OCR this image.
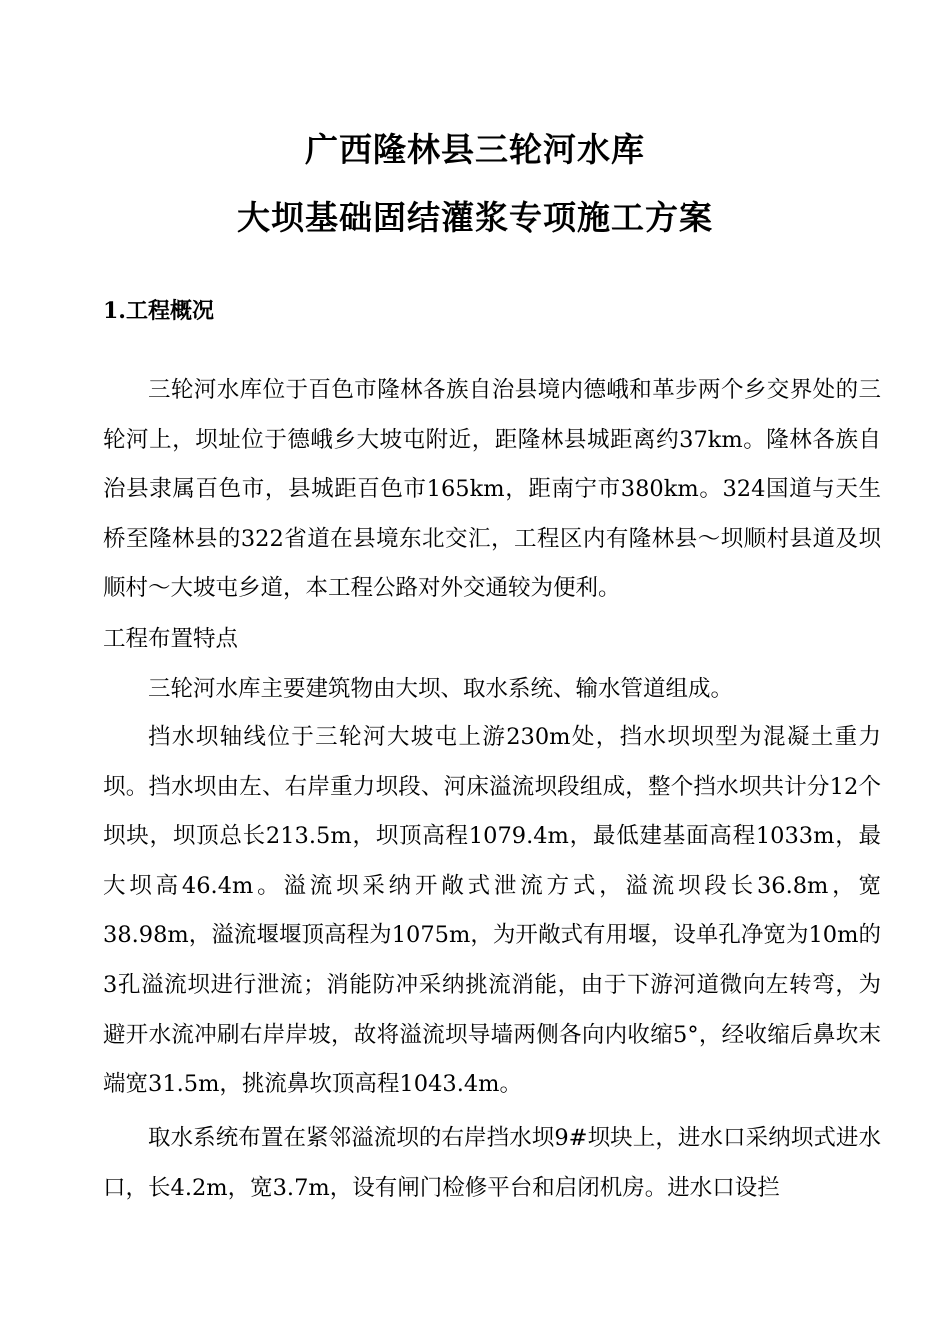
广西隆林县三轮河水库
大坝基础固结灌浆专项施工方案
1.工程概况
三轮河水库位于百色市隆林各族自治县境内德峨和革步两个乡交界处的三轮河上，坝址位于德峨乡大坡屯附近，距隆林县城距离约37km。隆林各族自治县隶属百色市，县城距百色市165km，距南宁市380km。324国道与天生桥至隆林县的322省道在县境东北交汇，工程区内有隆林县～坝顺村县道及坝顺村～大坡屯乡道，本工程公路对外交通较为便利。
工程布置特点
三轮河水库主要建筑物由大坝、取水系统、输水管道组成。
挡水坝轴线位于三轮河大坡屯上游230m处，挡水坝坝型为混凝土重力坝。挡水坝由左、右岸重力坝段、河床溢流坝段组成，整个挡水坝共计分12个坝块，坝顶总长213.5m，坝顶高程1079.4m，最低建基面高程1033m，最大坝高46.4m。溢流坝采纳开敞式泄流方式，溢流坝段长36.8m，宽38.98m，溢流堰堰顶高程为1075m，为开敞式有用堰，设单孔净宽为10m的3孔溢流坝进行泄流；消能防冲采纳挑流消能，由于下游河道微向左转弯，为避开水流冲刷右岸岸坡，故将溢流坝导墙两侧各向内收缩5°，经收缩后鼻坎末端宽31.5m，挑流鼻坎顶高程1043.4m。
取水系统布置在紧邻溢流坝的右岸挡水坝9#坝块上，进水口采纳坝式进水口，长4.2m，宽3.7m，设有闸门检修平台和启闭机房。进水口设拦
